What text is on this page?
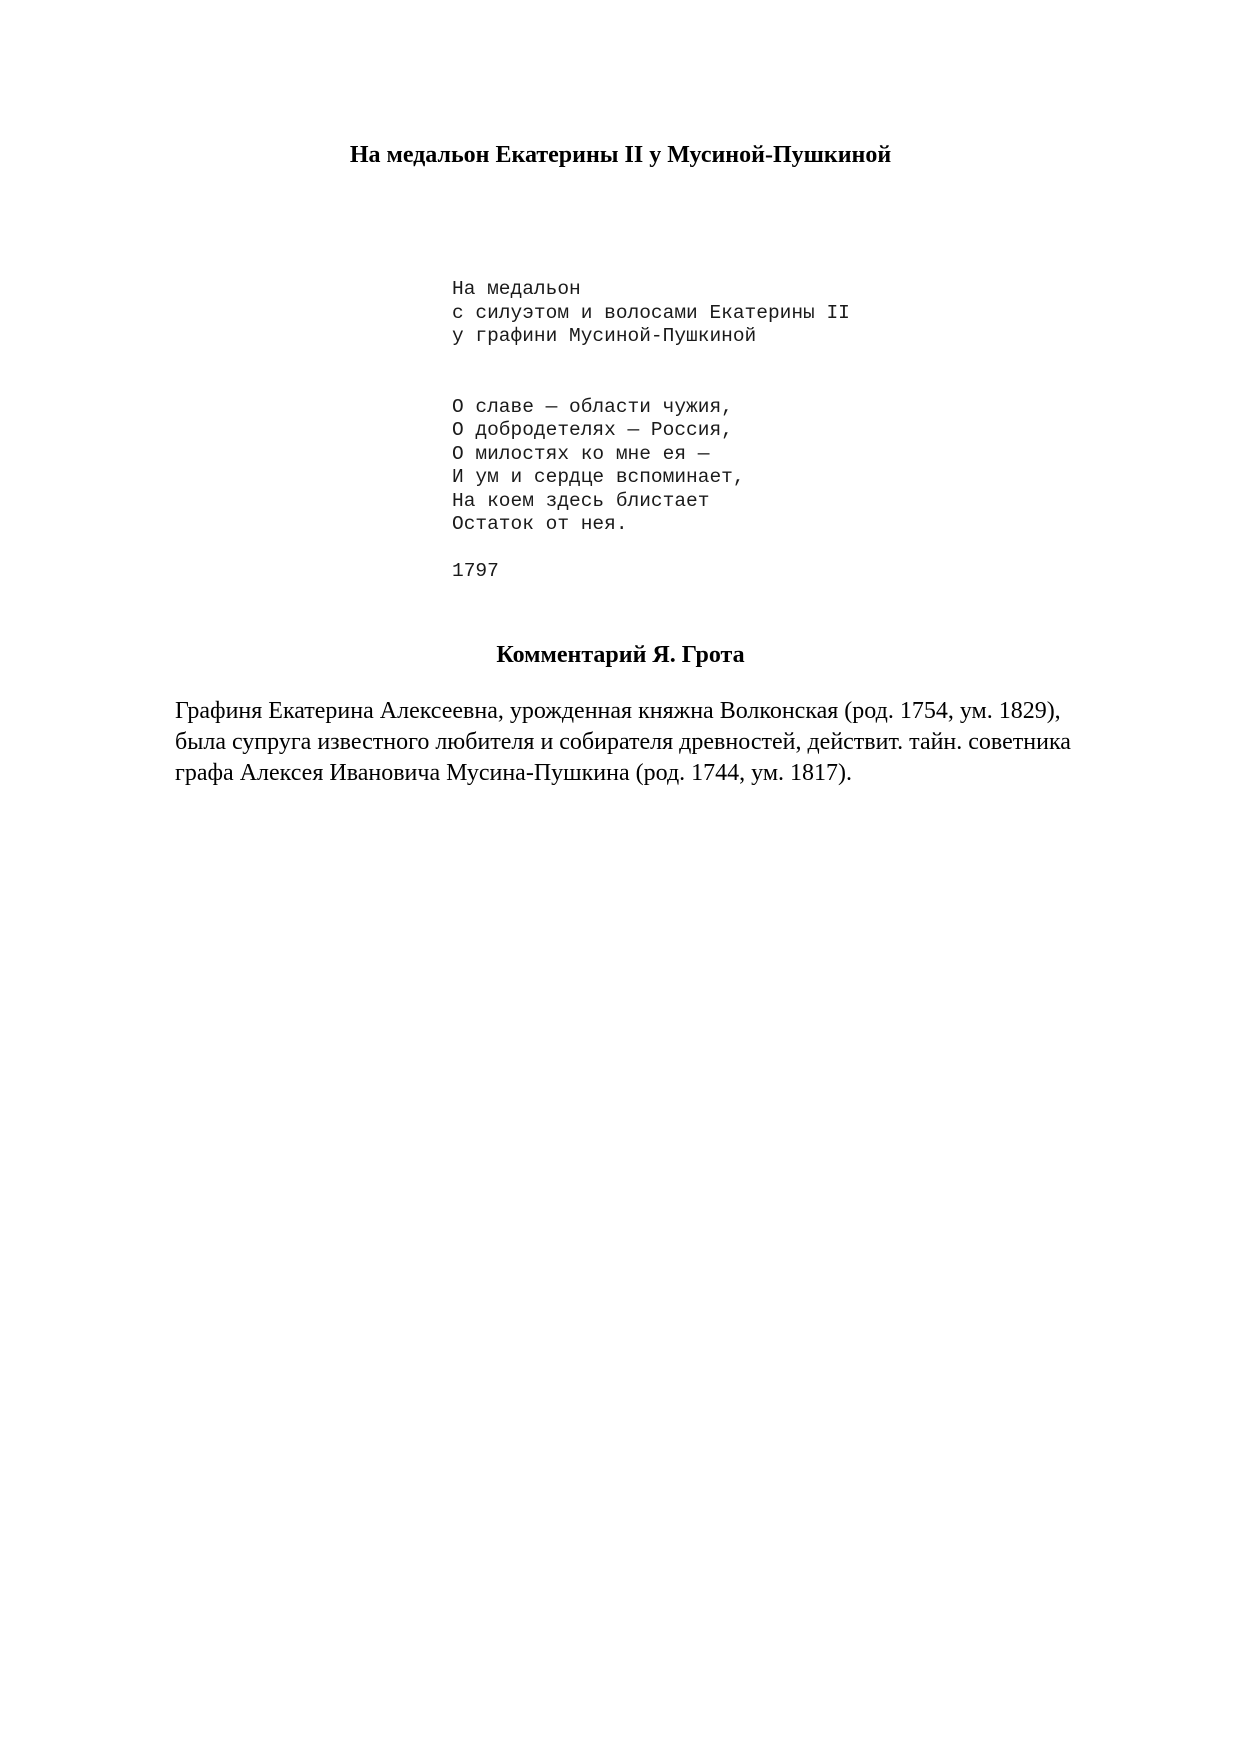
На медальон Екатерины II у Мусиной-Пушкиной
На медальон
с силуэтом и волосами Екатерины II
у графини Мусиной-Пушкиной
О славе — области чужия,
О добродетелях — Россия,
О милостях ко мне ея —
И ум и сердце вспоминает,
На коем здесь блистает
Остаток от нея.
1797
Комментарий Я. Грота

Графиня Екатерина Алексеевна, урожденная княжна Волконская (род. 1754, ум. 1829),
была супруга известного любителя и собирателя древностей, действит. тайн. советника
графа Алексея Ивановича Мусина-Пушкина (род. 1744, ум. 1817).
